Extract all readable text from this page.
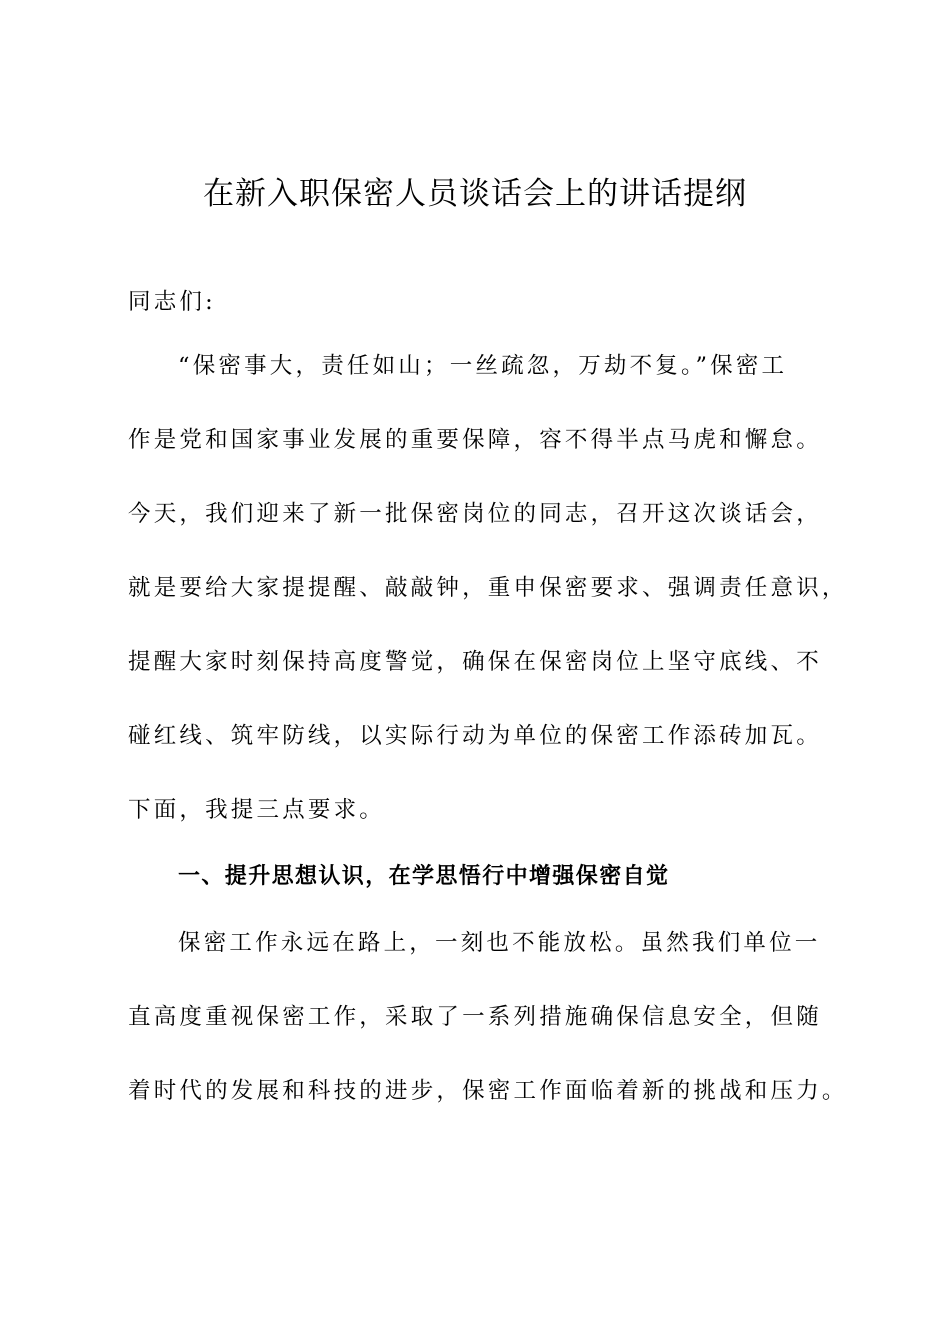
在新入职保密人员谈话会上的讲话提纲
同志们:
“保密事大，责任如山；一丝疏忽，万劫不复。”保密工
作是党和国家事业发展的重要保障，容不得半点马虎和懈怠。
今天，我们迎来了新一批保密岗位的同志，召开这次谈话会，
就是要给大家提提醒、敲敲钟，重申保密要求、强调责任意识，
提醒大家时刻保持高度警觉，确保在保密岗位上坚守底线、不
碰红线、筑牢防线，以实际行动为单位的保密工作添砖加瓦。
下面，我提三点要求。
一、提升思想认识，在学思悟行中增强保密自觉
保密工作永远在路上，一刻也不能放松。虽然我们单位一
直高度重视保密工作，采取了一系列措施确保信息安全，但随
着时代的发展和科技的进步，保密工作面临着新的挑战和压力。
